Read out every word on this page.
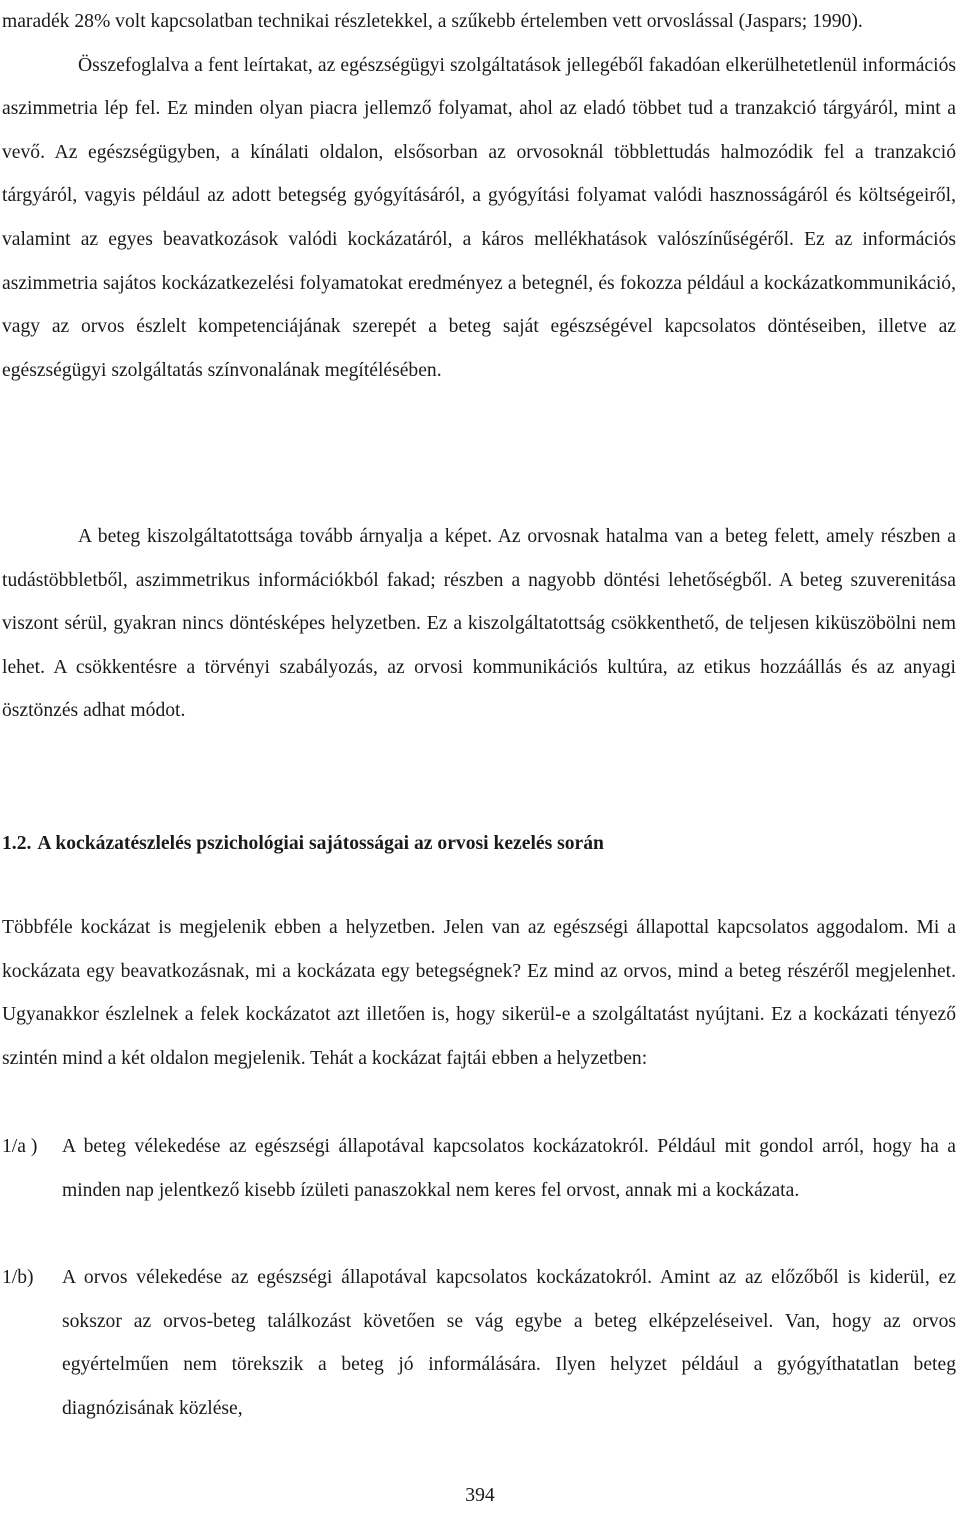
maradék 28% volt kapcsolatban technikai részletekkel, a szűkebb értelemben vett orvoslással (Jaspars; 1990).
Összefoglalva a fent leírtakat, az egészségügyi szolgáltatások jellegéből fakadóan elkerülhetetlenül információs aszimmetria lép fel. Ez minden olyan piacra jellemző folyamat, ahol az eladó többet tud a tranzakció tárgyáról, mint a vevő. Az egészségügyben, a kínálati oldalon, elsősorban az orvosoknál többlettudás halmozódik fel a tranzakció tárgyáról, vagyis például az adott betegség gyógyításáról, a gyógyítási folyamat valódi hasznosságáról és költségeiről, valamint az egyes beavatkozások valódi kockázatáról, a káros mellékhatások valószínűségéről. Ez az információs aszimmetria sajátos kockázatkezelési folyamatokat eredményez a betegnél, és fokozza például a kockázatkommunikáció, vagy az orvos észlelt kompetenciájának szerepét a beteg saját egészségével kapcsolatos döntéseiben, illetve az egészségügyi szolgáltatás színvonalának megítélésében.

A beteg kiszolgáltatottsága tovább árnyalja a képet. Az orvosnak hatalma van a beteg felett, amely részben a tudástöbbletből, aszimmetrikus információkból fakad; részben a nagyobb döntési lehetőségből. A beteg szuverenitása viszont sérül, gyakran nincs döntésképes helyzetben. Ez a kiszolgáltatottság csökkenthető, de teljesen kiküszöbölni nem lehet. A csökkentésre a törvényi szabályozás, az orvosi kommunikációs kultúra, az etikus hozzáállás és az anyagi ösztönzés adhat módot.

1.2. A kockázatészlelés pszichológiai sajátosságai az orvosi kezelés során

Többféle kockázat is megjelenik ebben a helyzetben. Jelen van az egészségi állapottal kapcsolatos aggodalom. Mi a kockázata egy beavatkozásnak, mi a kockázata egy betegségnek? Ez mind az orvos, mind a beteg részéről megjelenhet. Ugyanakkor észlelnek a felek kockázatot azt illetően is, hogy sikerül-e a szolgáltatást nyújtani. Ez a kockázati tényező szintén mind a két oldalon megjelenik. Tehát a kockázat fajtái ebben a helyzetben:

1/a )	A beteg vélekedése az egészségi állapotával kapcsolatos kockázatokról. Például mit gondol arról, hogy ha a minden nap jelentkező kisebb ízületi panaszokkal nem keres fel orvost, annak mi a kockázata.

1/b)	A orvos vélekedése az egészségi állapotával kapcsolatos kockázatokról. Amint az az előzőből is kiderül, ez sokszor az orvos-beteg találkozást követően se vág egybe a beteg elképzeléseivel. Van, hogy az orvos egyértelműen nem törekszik a beteg jó informálására. Ilyen helyzet például a gyógyíthatatlan beteg diagnózisának közlése,

394
